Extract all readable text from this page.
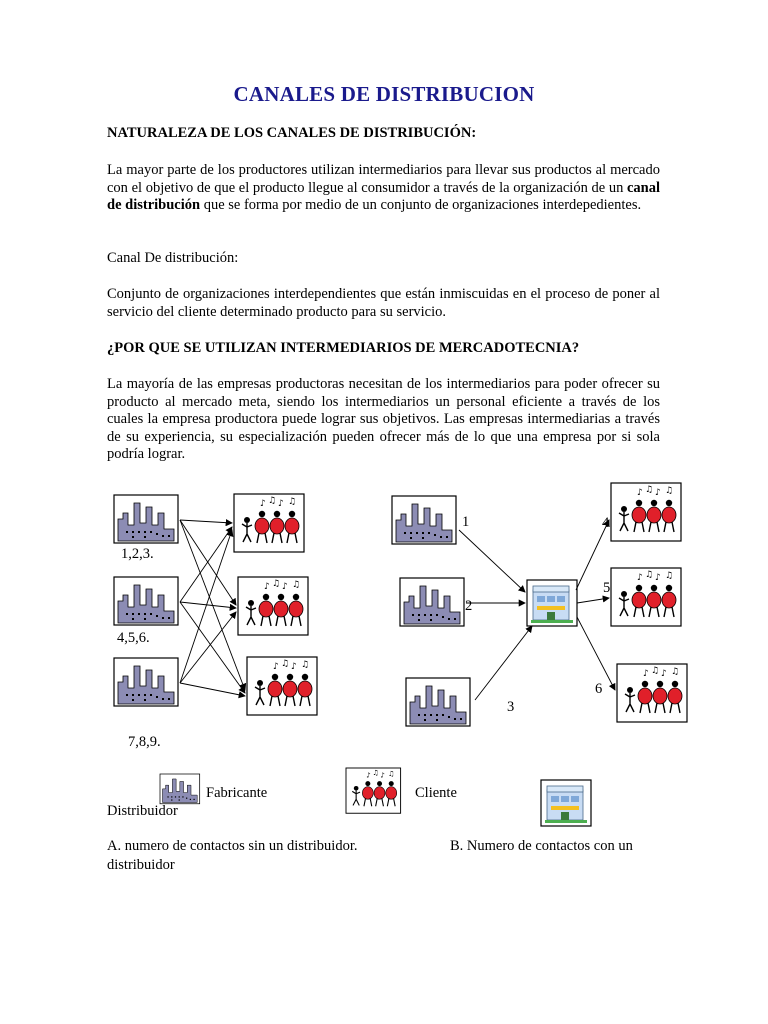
CANALES DE DISTRIBUCION
NATURALEZA DE LOS CANALES DE DISTRIBUCIÓN:
La mayor parte de los productores utilizan intermediarios para llevar sus productos al mercado con el objetivo de que el producto llegue al consumidor a través de la organización de un canal de distribución que se forma por medio de un conjunto de organizaciones interdepedientes.
Canal De distribución:
Conjunto de organizaciones interdependientes que están inmiscuidas en el proceso de poner al servicio del cliente determinado producto para su servicio.
¿POR QUE SE UTILIZAN INTERMEDIARIOS DE MERCADOTECNIA?
La mayoría de las empresas productoras necesitan de los intermediarios para poder ofrecer su producto al mercado meta, siendo los intermediarios un personal eficiente a través de los cuales la empresa productora puede lograr sus objetivos. Las empresas intermediarias a través de su experiencia, su especialización pueden ofrecer más de lo que una empresa por si sola podría lograr.
♪ ♫ ♪ ♫
1,2,3.
4,5,6.
7,8,9.
1
2
3
4
5
6
Fabricante	Cliente
Distribuidor
A. numero de contactos sin un distribuidor.	B. Numero de contactos con un
distribuidor
